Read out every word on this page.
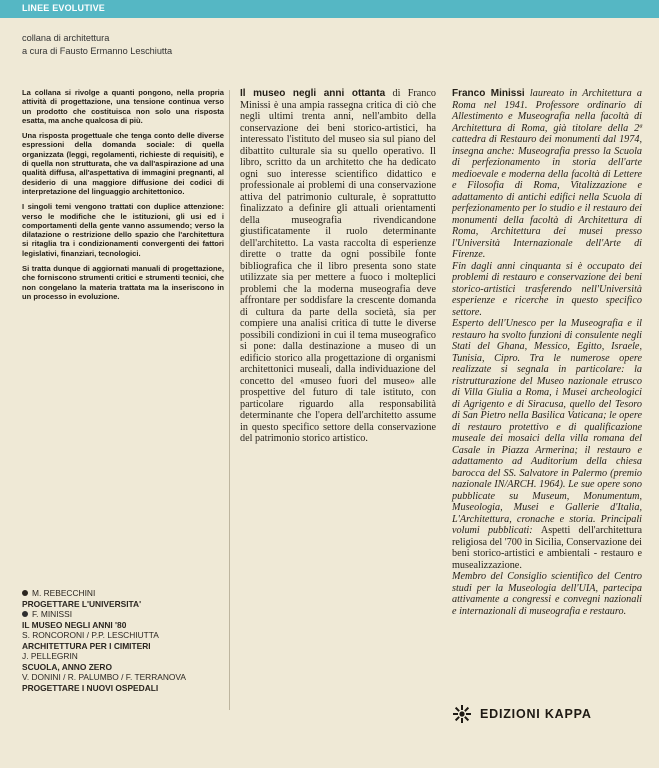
LINEE EVOLUTIVE
collana di architettura
a cura di Fausto Ermanno Leschiutta

La collana si rivolge a quanti pongono, nella propria attività di progettazione, una tensione continua verso un prodotto che costituisca non solo una risposta esatta, ma anche qualcosa di più.

Una risposta progettuale che tenga conto delle diverse espressioni della domanda sociale: di quella organizzata (leggi, regolamenti, richieste di requisiti), e di quella non strutturata, che va dall'aspirazione ad una qualità diffusa, all'aspettativa di immagini pregnanti, al desiderio di una maggiore diffusione dei codici di interpretazione del linguaggio architettonico.

I singoli temi vengono trattati con duplice attenzione: verso le modifiche che le istituzioni, gli usi ed i comportamenti della gente vanno assumendo; verso la dilatazione o restrizione dello spazio che l'architettura si ritaglia tra i condizionamenti convergenti dei fattori legislativi, finanziari, tecnologici.

Si tratta dunque di aggiornati manuali di progettazione, che forniscono strumenti critici e strumenti tecnici, che non congelano la materia trattata ma la inseriscono in un processo in evoluzione.

Il museo negli anni ottanta di Franco Minissi è una ampia rassegna critica di ciò che negli ultimi trenta anni, nell'ambito della conservazione dei beni storico-artistici, ha interessato l'istituto del museo sia sul piano del dibattito culturale sia su quello operativo. Il libro, scritto da un architetto che ha dedicato ogni suo interesse scientifico didattico e professionale ai problemi di una conservazione attiva del patrimonio culturale, è soprattutto finalizzato a definire gli attuali orientamenti della museografia rivendicandone giustificatamente il ruolo determinante dell'architetto. La vasta raccolta di esperienze dirette o tratte da ogni possibile fonte bibliografica che il libro presenta sono state utilizzate sia per mettere a fuoco i molteplici problemi che la moderna museografia deve affrontare per soddisfare la crescente domanda di cultura da parte della società, sia per compiere una analisi critica di tutte le diverse possibili condizioni in cui il tema museografico si pone: dalla destinazione a museo di un edificio storico alla progettazione di organismi architettonici museali, dalla individuazione del concetto del «museo fuori del museo» alle prospettive del futuro di tale istituto, con particolare riguardo alla responsabilità determinante che l'opera dell'architetto assume in questo specifico settore della conservazione del patrimonio storico artistico.

Franco Minissi laureato in Architettura a Roma nel 1941. Professore ordinario di Allestimento e Museografia nella facoltà di Architettura di Roma, già titolare della 2ª cattedra di Restauro dei monumenti dal 1974, insegna anche: Museografia presso la Scuola di perfezionamento in storia dell'arte medioevale e moderna della facoltà di Lettere e Filosofia di Roma, Vitalizzazione e adattamento di antichi edifici nella Scuola di perfezionamento per lo studio e il restauro dei monumenti della facoltà di Architettura di Roma, Architettura dei musei presso l'Università Internazionale dell'Arte di Firenze.

Fin dagli anni cinquanta si è occupato dei problemi di restauro e conservazione dei beni storico-artistici trasferendo nell'Università esperienze e ricerche in questo specifico settore.

Esperto dell'Unesco per la Museografia e il restauro ha svolto funzioni di consulente negli Stati del Ghana, Messico, Egitto, Israele, Tunisia, Cipro. Tra le numerose opere realizzate si segnala in particolare: la ristrutturazione del Museo nazionale etrusco di Villa Giulia a Roma, i Musei archeologici di Agrigento e di Siracusa, quello del Tesoro di San Pietro nella Basilica Vaticana; le opere di restauro protettivo e di qualificazione museale dei mosaici della villa romana del Casale in Piazza Armerina; il restauro e adattamento ad Auditorium della chiesa barocca del SS. Salvatore in Palermo (premio nazionale IN/ARCH. 1964). Le sue opere sono pubblicate su Museum, Monumentum, Museologia, Musei e Gallerie d'Italia, L'Architettura, cronache e storia. Principali volumi pubblicati: Aspetti dell'architettura religiosa del '700 in Sicilia, Conservazione dei beni storico-artistici e ambientali - restauro e musealizzazione.

Membro del Consiglio scientifico del Centro studi per la Museologia dell'UIA, partecipa attivamente a congressi e convegni nazionali e internazionali di museografia e restauro.

M. REBECCHINI
PROGETTARE L'UNIVERSITA'
F. MINISSI
IL MUSEO NEGLI ANNI '80
S. RONCORONI / P.P. LESCHIUTTA
ARCHITETTURA PER I CIMITERI
J. PELLEGRIN
SCUOLA, ANNO ZERO
V. DONINI / R. PALUMBO / F. TERRANOVA
PROGETTARE I NUOVI OSPEDALI
EDIZIONI KAPPA
